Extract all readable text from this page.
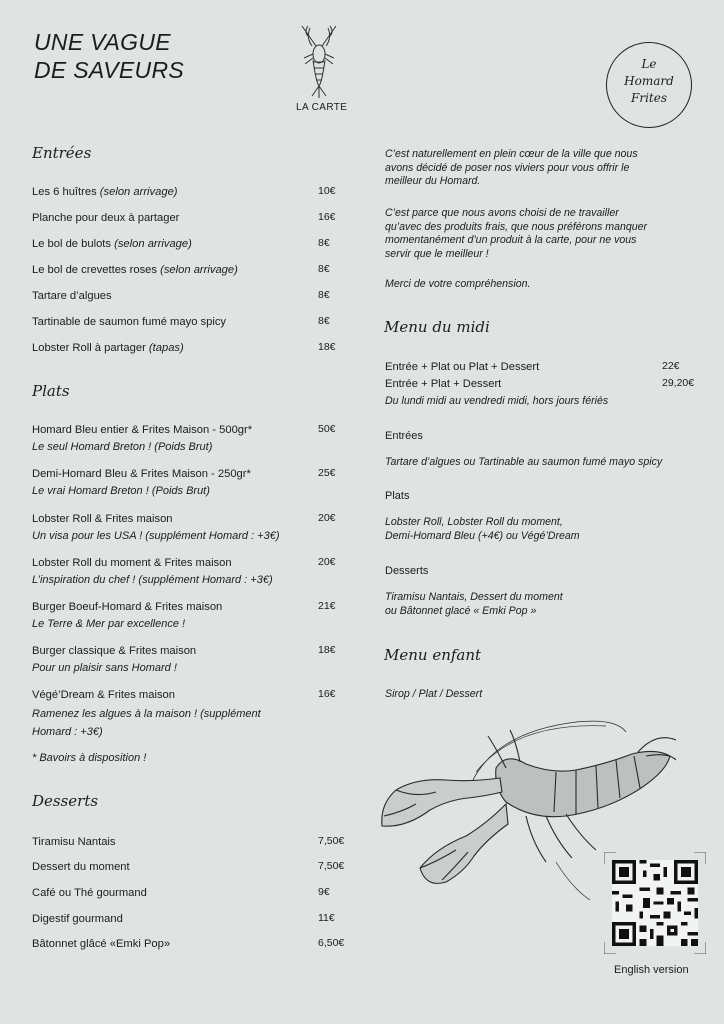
UNE VAGUE
DE SAVEURS
LA CARTE
Le
Homard
Frites
Entrées
Les 6 huîtres (selon arrivage)	10€
Planche pour deux à partager	16€
Le bol de bulots (selon arrivage)	8€
Le bol de crevettes roses (selon arrivage)	8€
Tartare d’algues	8€
Tartinable de saumon fumé mayo spicy	8€
Lobster Roll à partager (tapas)	18€
Plats
Homard Bleu entier & Frites Maison - 500gr*	50€
Le seul Homard Breton ! (Poids Brut)
Demi-Homard Bleu & Frites Maison - 250gr*	25€
Le vrai Homard Breton ! (Poids Brut)
Lobster Roll & Frites maison	20€
Un visa pour les USA ! (supplément Homard : +3€)
Lobster Roll du moment & Frites maison	20€
L’inspiration du chef ! (supplément Homard : +3€)
Burger Boeuf-Homard & Frites maison	21€
Le Terre & Mer par excellence !
Burger classique & Frites maison	18€
Pour un plaisir sans Homard !
Végé’Dream & Frites maison	16€
Ramenez les algues à la maison ! (supplément
Homard : +3€)
* Bavoirs à disposition !
Desserts
Tiramisu Nantais	7,50€
Dessert du moment	7,50€
Café ou Thé gourmand	9€
Digestif gourmand	11€
Bâtonnet glâcé «Emki Pop»	6,50€
C’est naturellement en plein cœur de la ville que nous
avons décidé de poser nos viviers pour vous offrir le
meilleur du Homard.
C’est parce que nous avons choisi de ne travailler
qu’avec des produits frais, que nous préférons manquer
momentanément d’un produit à la carte, pour ne vous
servir que le meilleur !
Merci de votre compréhension.
Menu du midi
Entrée + Plat ou Plat + Dessert	22€
Entrée + Plat + Dessert	29,20€
Du lundi midi au vendredi midi, hors jours fériés
Entrées
Tartare d’algues ou Tartinable au saumon fumé mayo spicy
Plats
Lobster Roll, Lobster Roll du moment,
Demi-Homard Bleu (+4€) ou Végé’Dream
Desserts
Tiramisu Nantais, Dessert du moment
ou Bâtonnet glacé « Emki Pop »
Menu enfant
Sirop / Plat / Dessert
English version
